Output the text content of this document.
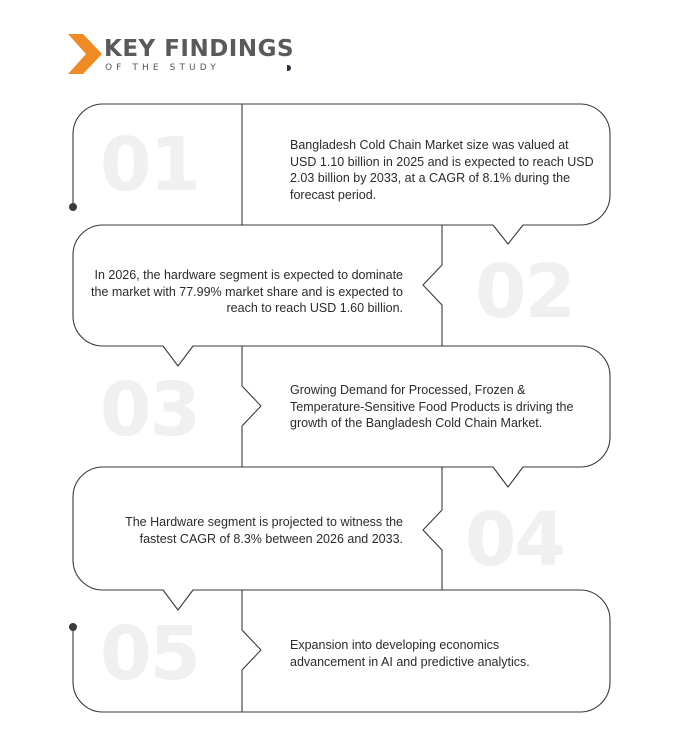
KEY FINDINGS
OF THE STUDY
01	Bangladesh Cold Chain Market size was valued at USD 1.10 billion in 2025 and is expected to reach USD 2.03 billion by 2033, at a CAGR of 8.1% during the forecast period.
02
In 2026, the hardware segment is expected to dominate the market with 77.99% market share and is expected to reach to reach USD 1.60 billion.
03	Growing Demand for Processed, Frozen & Temperature-Sensitive Food Products is driving the growth of the Bangladesh Cold Chain Market.
04
The Hardware segment is projected to witness the fastest CAGR of 8.3% between 2026 and 2033.
05	Expansion into developing economics advancement in AI and predictive analytics.
